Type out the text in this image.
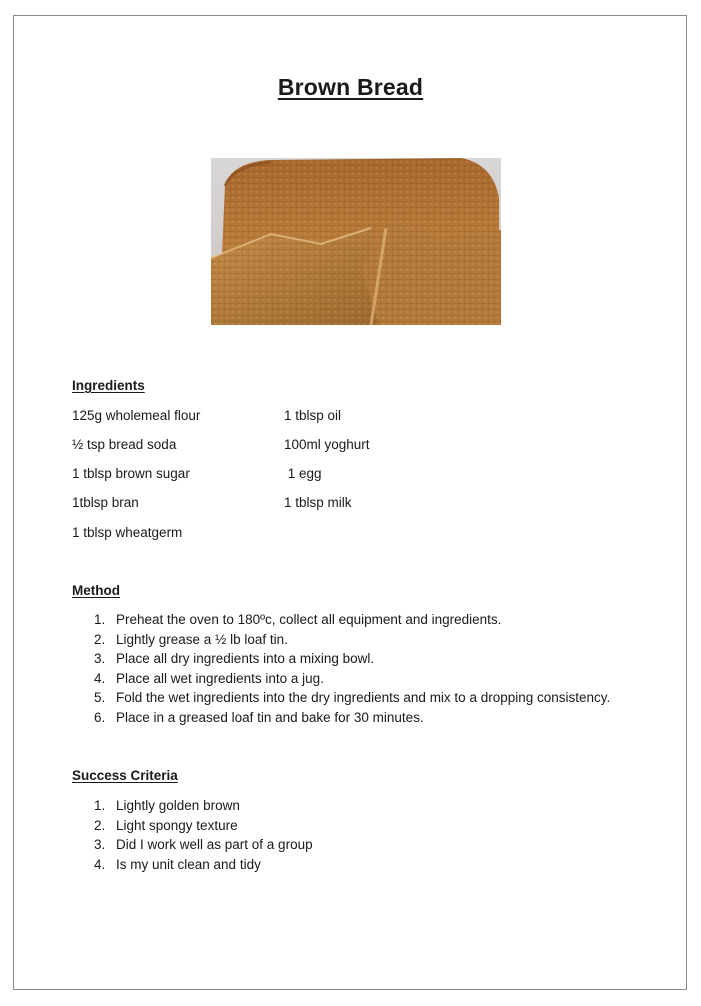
Brown Bread
Ingredients
125g wholemeal flour
½ tsp bread soda
1 tblsp brown sugar
1tblsp bran
1 tblsp wheatgerm
1 tblsp oil
100ml yoghurt
1 egg
1 tblsp milk
Method
1. Preheat the oven to 180ºc, collect all equipment and ingredients.
2. Lightly grease a ½ lb loaf tin.
3. Place all dry ingredients into a mixing bowl.
4. Place all wet ingredients into a jug.
5. Fold the wet ingredients into the dry ingredients and mix to a dropping consistency.
6. Place in a greased loaf tin and bake for 30 minutes.
Success Criteria
1. Lightly golden brown
2. Light spongy texture
3. Did I work well as part of a group
4. Is my unit clean and tidy
